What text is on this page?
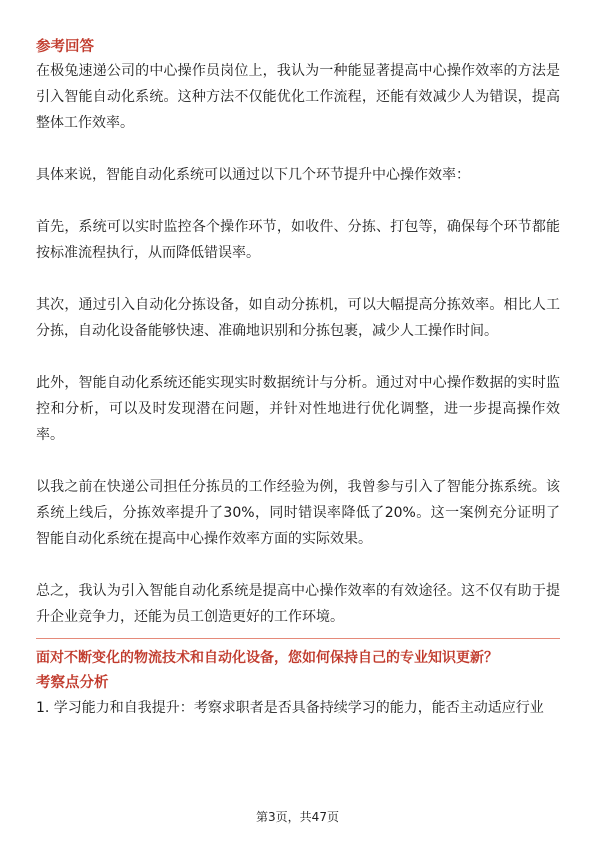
参考回答

在极兔速递公司的中心操作员岗位上，我认为一种能显著提高中心操作效率的方法是引入智能自动化系统。这种方法不仅能优化工作流程，还能有效减少人为错误，提高整体工作效率。

具体来说，智能自动化系统可以通过以下几个环节提升中心操作效率：

首先，系统可以实时监控各个操作环节，如收件、分拣、打包等，确保每个环节都能按标准流程执行，从而降低错误率。

其次，通过引入自动化分拣设备，如自动分拣机，可以大幅提高分拣效率。相比人工分拣，自动化设备能够快速、准确地识别和分拣包裹，减少人工操作时间。

此外，智能自动化系统还能实现实时数据统计与分析。通过对中心操作数据的实时监控和分析，可以及时发现潜在问题，并针对性地进行优化调整，进一步提高操作效率。

以我之前在快递公司担任分拣员的工作经验为例，我曾参与引入了智能分拣系统。该系统上线后，分拣效率提升了30%，同时错误率降低了20%。这一案例充分证明了智能自动化系统在提高中心操作效率方面的实际效果。

总之，我认为引入智能自动化系统是提高中心操作效率的有效途径。这不仅有助于提升企业竞争力，还能为员工创造更好的工作环境。

面对不断变化的物流技术和自动化设备，您如何保持自己的专业知识更新？

考察点分析

1. 学习能力和自我提升：考察求职者是否具备持续学习的能力，能否主动适应行业

第3页，共47页
